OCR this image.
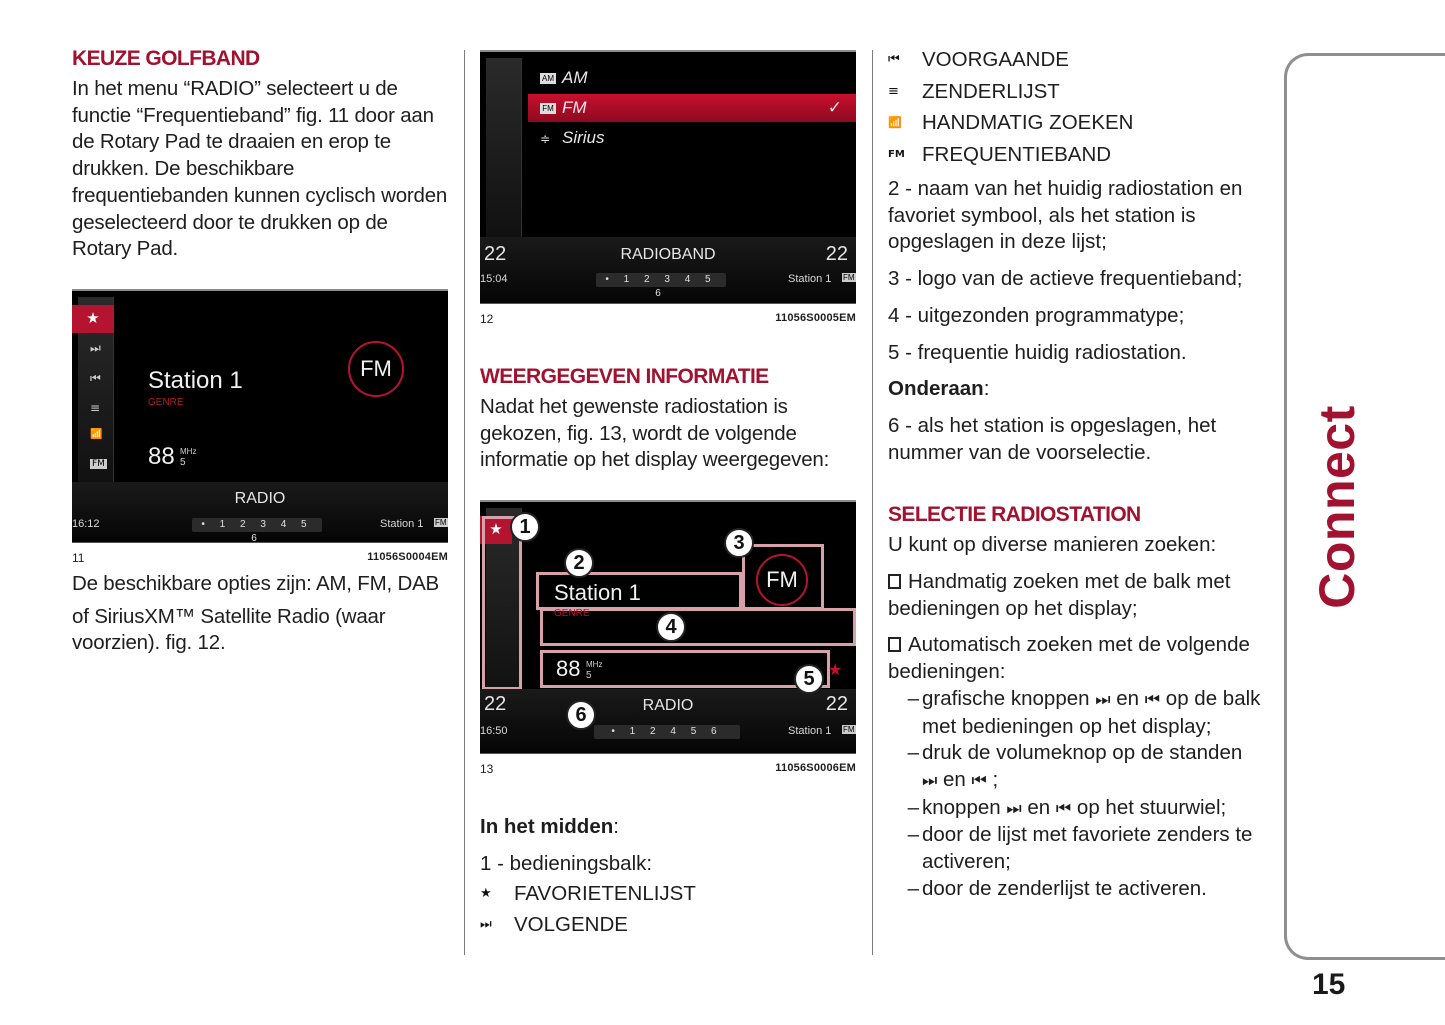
KEUZE GOLFBAND

In het menu “RADIO” selecteert u de functie “Frequentieband” fig. 11 door aan de Rotary Pad te draaien en erop te drukken. De beschikbare frequentiebanden kunnen cyclisch worden geselecteerd door te drukken op de Rotary Pad.

⏭
⏮
≡
📶
FM
★
Station 1
GENRE
88 MHz
5
FM
RADIO
16:12	• 1 2 3 4 5 6
Station 1 FM
11	11056S0004EM

De beschikbare opties zijn: AM, FM, DAB

of SiriusXM™ Satellite Radio (waar voorzien). fig. 12.

AM AM
FM FM	✓
≑ Sirius
22	RADIOBAND	22
15:04	• 1 2 3 4 5 6
Station 1 FM
12	11056S0005EM
WEERGEGEVEN INFORMATIE

Nadat het gewenste radiostation is gekozen, fig. 13, wordt de volgende informatie op het display weergegeven:

★
Station 1
GENRE
88 MHz
5
FM
★
22	RADIO	22
16:50	• 1 2 4 5 6	Station 1 FM
1
2
3
4
5
6
13	11056S0006EM
In het midden:
1 - bedieningsbalk:
★	FAVORIETENLIJST
⏭	VOLGENDE
⏮	VOORGAANDE
≡	ZENDERLIJST
📶 HANDMATIG ZOEKEN
FM FREQUENTIEBAND
2 - naam van het huidig radiostation en favoriet symbool, als het station is opgeslagen in deze lijst;
3 - logo van de actieve frequentieband;
4 - uitgezonden programmatype;
5 - frequentie huidig radiostation.
Onderaan:
6 - als het station is opgeslagen, het nummer van de voorselectie.
SELECTIE RADIOSTATION
U kunt op diverse manieren zoeken:
Handmatig zoeken met de balk met bedieningen op het display;
Automatisch zoeken met de volgende bedieningen:
– grafische knoppen ⏭ en ⏮ op de balk met bedieningen op het display;
– druk de volumeknop op de standen
⏭ en ⏮ ;
– knoppen ⏭ en ⏮ op het stuurwiel;
– door de lijst met favoriete zenders te activeren;
– door de zenderlijst te activeren.
Connect
15
